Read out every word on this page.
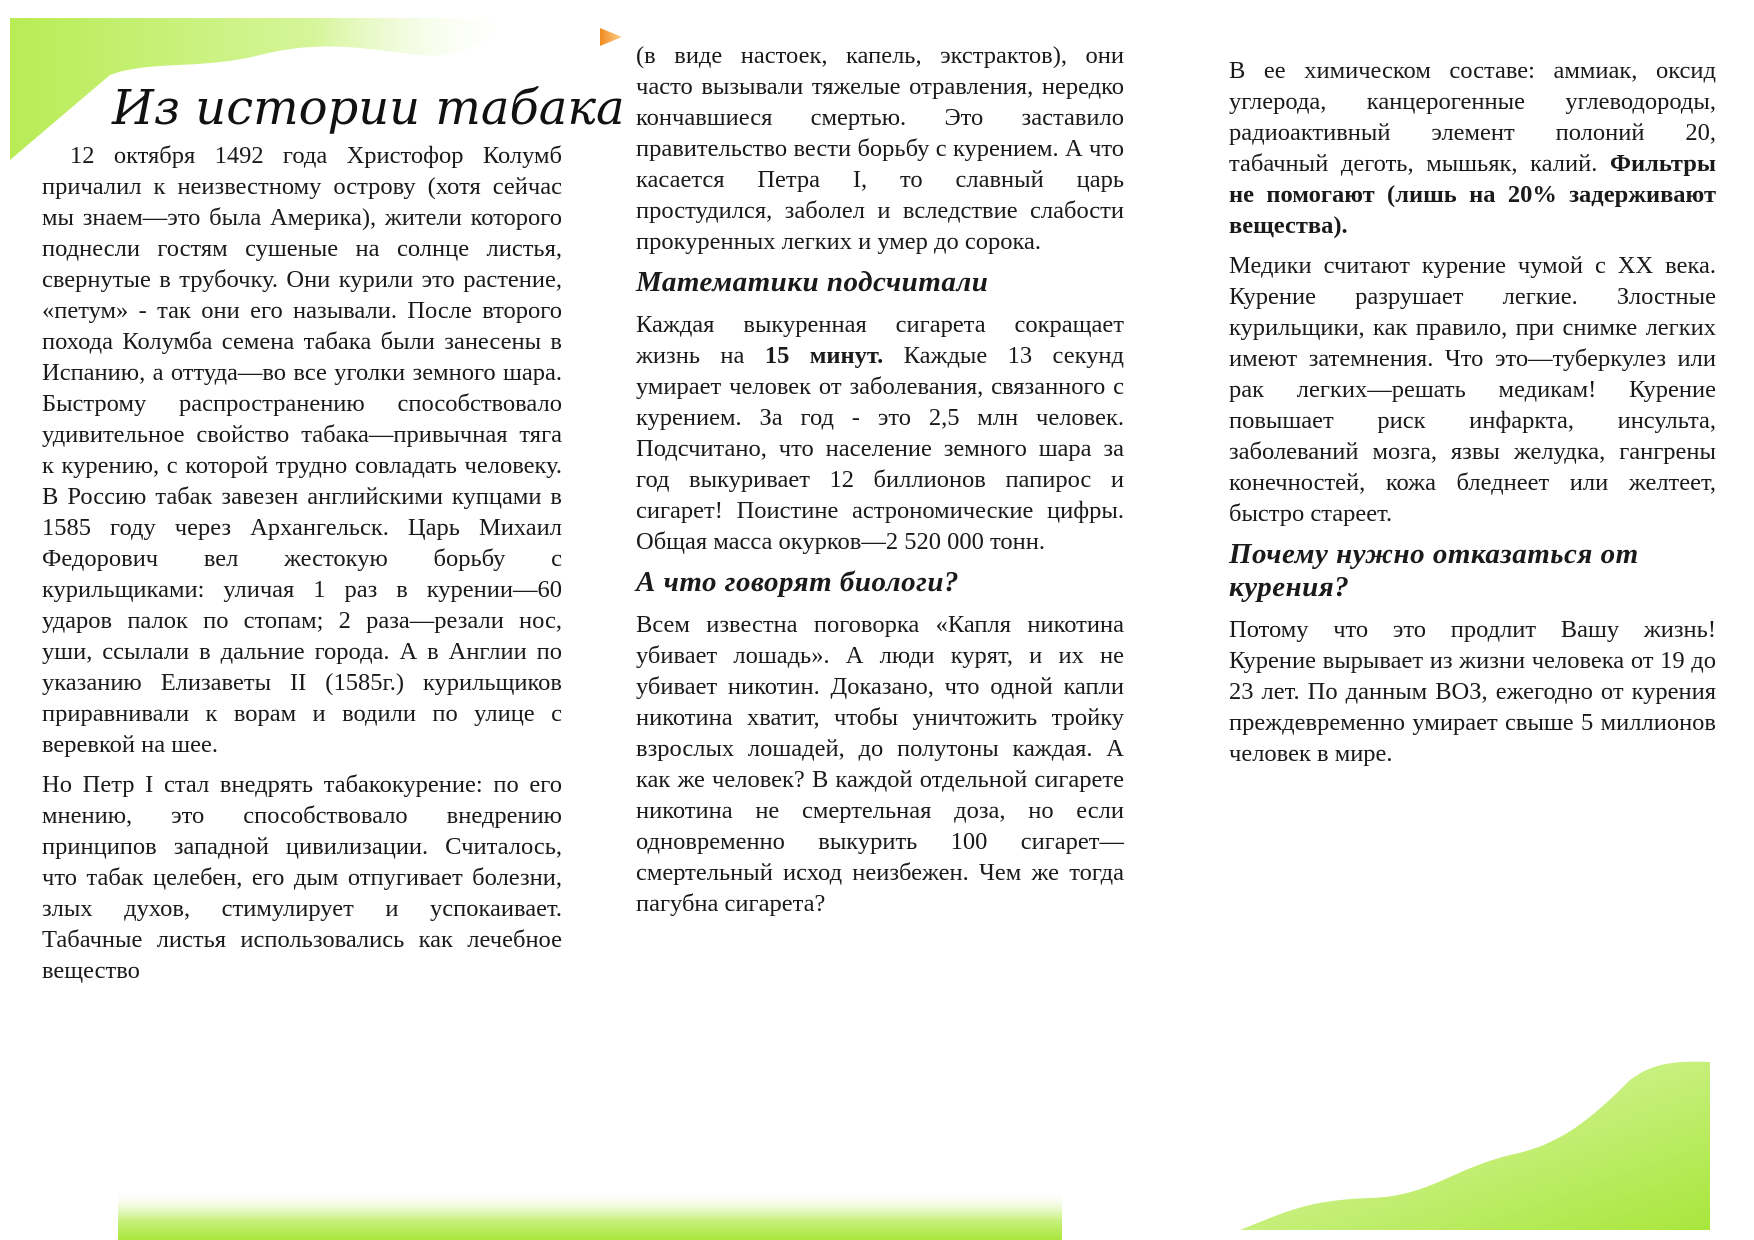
Из истории табака

12 октября 1492 года Христофор Колумб причалил к неизвестному острову (хотя сейчас мы знаем—это была Америка), жители которого поднесли гостям сушеные на солнце листья, свернутые в трубочку. Они курили это растение, «петум» - так они его называли. После второго похода Колумба семена табака были занесены в Испанию, а оттуда—во все уголки земного шара. Быстрому распространению способствовало удивительное свойство табака—привычная тяга к курению, с которой трудно совладать человеку. В Россию табак завезен английскими купцами в 1585 году через Архангельск. Царь Михаил Федорович вел жестокую борьбу с курильщиками: уличая 1 раз в курении—60 ударов палок по стопам; 2 раза—резали нос, уши, ссылали в дальние города. А в Англии по указанию Елизаветы II (1585г.) курильщиков приравнивали к ворам и водили по улице с веревкой на шее.

Но Петр I стал внедрять табакокурение: по его мнению, это способствовало внедрению принципов западной цивилизации. Считалось, что табак целебен, его дым отпугивает болезни, злых духов, стимулирует и успокаивает. Табачные листья использовались как лечебное вещество

(в виде настоек, капель, экстрактов), они часто вызывали тяжелые отравления, нередко кончавшиеся смертью. Это заставило правительство вести борьбу с курением. А что касается Петра I, то славный царь простудился, заболел и вследствие слабости прокуренных легких и умер до сорока.

Математики подсчитали

Каждая выкуренная сигарета сокращает жизнь на 15 минут. Каждые 13 секунд умирает человек от заболевания, связанного с курением. За год - это 2,5 млн человек. Подсчитано, что население земного шара за год выкуривает 12 биллионов папирос и сигарет! Поистине астрономические цифры. Общая масса окурков—2 520 000 тонн.

А что говорят биологи?

Всем известна поговорка «Капля никотина убивает лошадь». А люди курят, и их не убивает никотин. Доказано, что одной капли никотина хватит, чтобы уничтожить тройку взрослых лошадей, до полутоны каждая. А как же человек? В каждой отдельной сигарете никотина не смертельная доза, но если одновременно выкурить 100 сигарет—смертельный исход неизбежен. Чем же тогда пагубна сигарета?

В ее химическом составе: аммиак, оксид углерода, канцерогенные углеводороды, радиоактивный элемент полоний 20, табачный деготь, мышьяк, калий. Фильтры не помогают (лишь на 20% задерживают вещества).

Медики считают курение чумой с XX века. Курение разрушает легкие. Злостные курильщики, как правило, при снимке легких имеют затемнения. Что это—туберкулез или рак легких—решать медикам! Курение повышает риск инфаркта, инсульта, заболеваний мозга, язвы желудка, гангрены конечностей, кожа бледнеет или желтеет, быстро стареет.

Почему нужно отказаться от курения?

Потому что это продлит Вашу жизнь! Курение вырывает из жизни человека от 19 до 23 лет. По данным ВОЗ, ежегодно от курения преждевременно умирает свыше 5 миллионов человек в мире.
